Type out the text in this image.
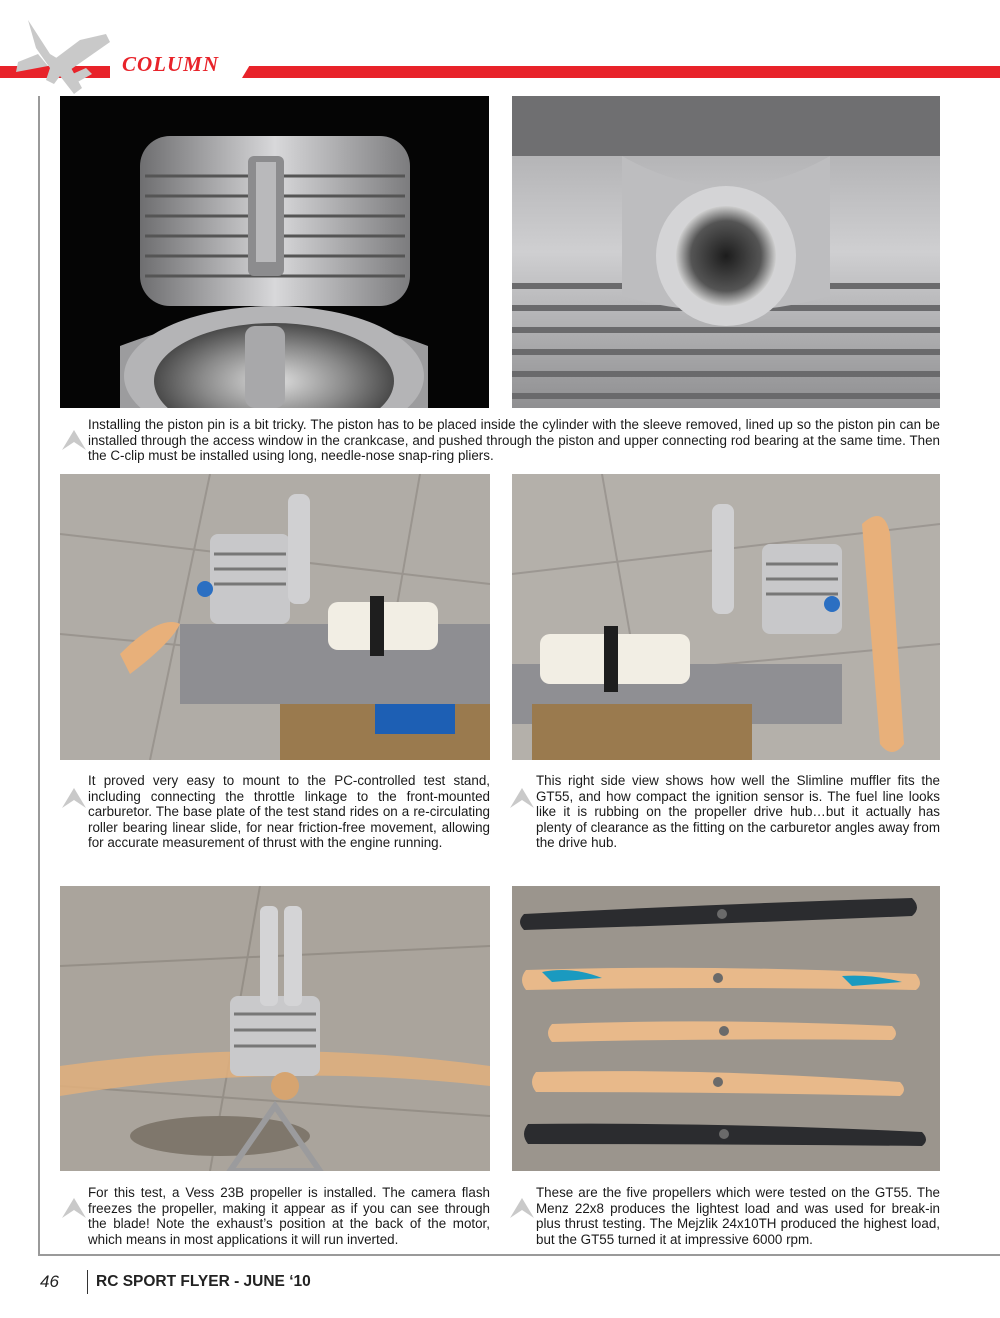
COLUMN

Installing the piston pin is a bit tricky. The piston has to be placed inside the cylinder with the sleeve removed, lined up so the piston pin can be installed through the access window in the crankcase, and pushed through the piston and upper connecting rod bearing at the same time. Then the C-clip must be installed using long, needle-nose snap-ring pliers.

It proved very easy to mount to the PC-controlled test stand, including connecting the throttle linkage to the front-mounted carburetor. The base plate of the test stand rides on a re-circulating roller bearing linear slide, for near friction-free movement, allowing for accurate measurement of thrust with the engine running.

This right side view shows how well the Slimline muffler fits the GT55, and how compact the ignition sensor is. The fuel line looks like it is rubbing on the propeller drive hub…but it actually has plenty of clearance as the fitting on the carburetor angles away from the drive hub.

For this test, a Vess 23B propeller is installed. The camera flash freezes the propeller, making it appear as if you can see through the blade! Note the exhaust’s position at the back of the motor, which means in most applications it will run inverted.

These are the five propellers which were tested on the GT55. The Menz 22x8 produces the lightest load and was used for break-in plus thrust testing. The Mejzlik 24x10TH produced the highest load, but the GT55 turned it at impressive 6000 rpm.

46 RC SPORT FLYER - JUNE ‘10
